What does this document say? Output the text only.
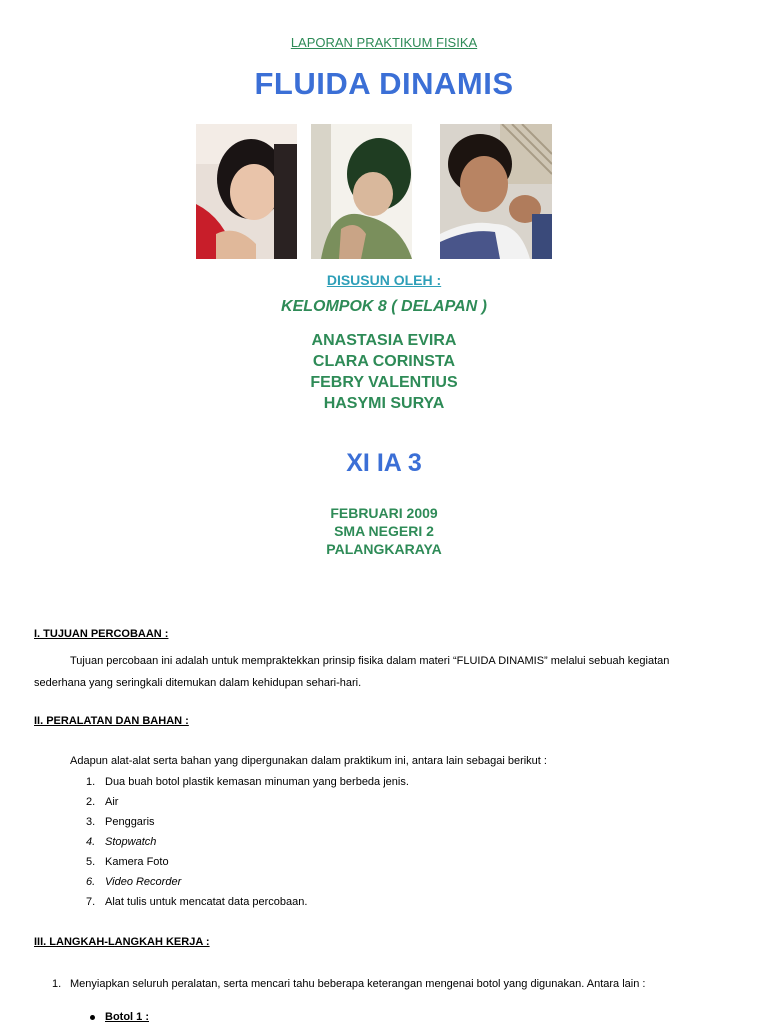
LAPORAN PRAKTIKUM FISIKA
FLUIDA DINAMIS
DISUSUN OLEH :
KELOMPOK 8 ( DELAPAN )
ANASTASIA EVIRA
CLARA CORINSTA
FEBRY VALENTIUS
HASYMI SURYA
XI IA 3
FEBRUARI 2009
SMA NEGERI 2
PALANGKARAYA
I. TUJUAN PERCOBAAN :
Tujuan percobaan ini adalah untuk mempraktekkan prinsip fisika dalam materi “FLUIDA DINAMIS” melalui sebuah kegiatan
sederhana yang seringkali ditemukan dalam kehidupan sehari-hari.
II. PERALATAN DAN BAHAN :
Adapun alat-alat serta bahan yang dipergunakan dalam praktikum ini, antara lain sebagai berikut :
1. Dua buah botol plastik kemasan minuman yang berbeda jenis.
2. Air
3. Penggaris
4. Stopwatch
5. Kamera Foto
6. Video Recorder
7. Alat tulis untuk mencatat data percobaan.
III. LANGKAH-LANGKAH KERJA :
1. Menyiapkan seluruh peralatan, serta mencari tahu beberapa keterangan mengenai botol yang digunakan. Antara lain :
Botol 1 :
